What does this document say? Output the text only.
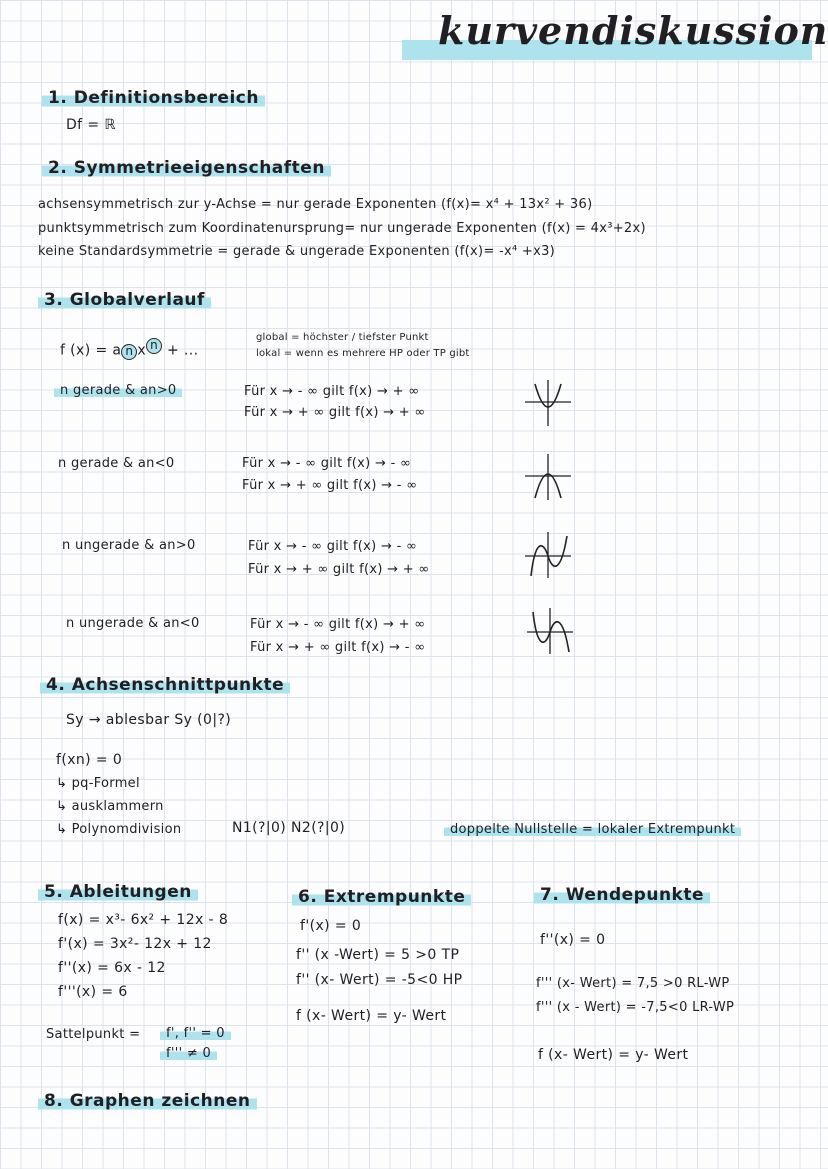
kurvendiskussion
1. Definitionsbereich
Df = ℝ
2. Symmetrieeigenschaften
achsensymmetrisch zur y-Achse = nur gerade Exponenten (f(x)= x⁴ + 13x² + 36)
punktsymmetrisch zum Koordinatenursprung= nur ungerade Exponenten (f(x) = 4x³+2x)
keine Standardsymmetrie = gerade & ungerade Exponenten (f(x)= -x⁴ +x3)
3. Globalverlauf
f (x) = a n x $^n$ + ...
global = höchster / tiefster Punkt
lokal = wenn es mehrere HP oder TP gibt
n gerade & an>0	Für x → - ∞ gilt f(x) → + ∞
Für x → + ∞ gilt f(x) → + ∞
n gerade & an<0	Für x → - ∞ gilt f(x) → - ∞
Für x → + ∞ gilt f(x) → - ∞
n ungerade & an>0	Für x → - ∞ gilt f(x) → - ∞
Für x → + ∞ gilt f(x) → + ∞
n ungerade & an<0	Für x → - ∞ gilt f(x) → + ∞
Für x → + ∞ gilt f(x) → - ∞
4. Achsenschnittpunkte
Sy → ablesbar Sy (0|?)
f(xn) = 0
↳ pq-Formel
↳ ausklammern
↳ Polynomdivision	N1(?|0) N2(?|0)	doppelte Nullstelle = lokaler Extrempunkt
5. Ableitungen
f(x) = x³- 6x² + 12x - 8
f'(x) = 3x²- 12x + 12
f''(x) = 6x - 12
f'''(x) = 6
Sattelpunkt =	f', f'' = 0
f''' ≠ 0
6. Extrempunkte
f'(x) = 0
f'' (x -Wert) = 5 >0 TP
f'' (x- Wert) = -5<0 HP
f (x- Wert) = y- Wert
7. Wendepunkte
f''(x) = 0
f''' (x- Wert) = 7,5 >0 RL-WP
f''' (x - Wert) = -7,5<0 LR-WP
f (x- Wert) = y- Wert
8. Graphen zeichnen
